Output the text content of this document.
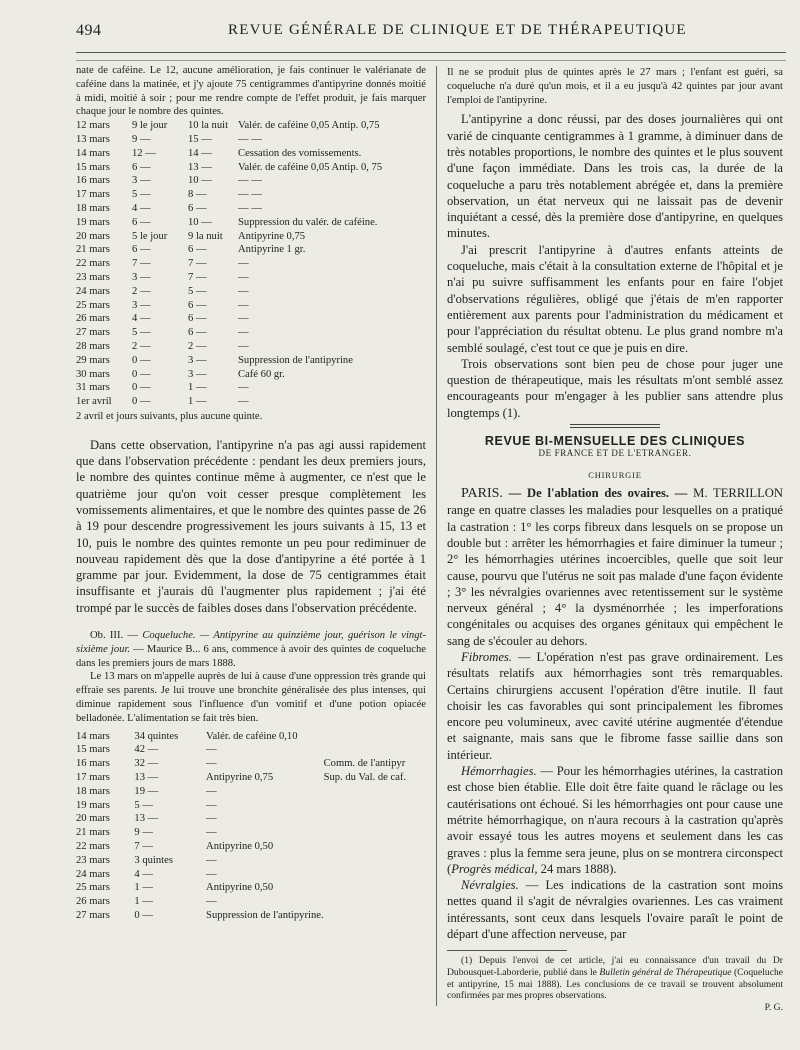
494	REVUE GÉNÉRALE DE CLINIQUE ET DE THÉRAPEUTIQUE

nate de caféine. Le 12, aucune amélioration, je fais continuer le valérianate de caféine dans la matinée, et j'y ajoute 75 centigrammes d'antipyrine donnés moitié à midi, moitié à soir ; pour me rendre compte de l'effet produit, je fais marquer chaque jour le nombre des quintes.

12 mars	9 le jour	10 la nuit	Valér. de caféine 0,05 Antip. 0,75
13 mars	9 —	15 —	— —
14 mars	12 —	14 —	Cessation des vomissements.
15 mars	6 —	13 —	Valér. de caféine 0,05 Antip. 0, 75
16 mars	3 —	10 —	— —
17 mars	5 —	8 —	— —
18 mars	4 —	6 —	— —
19 mars	6 —	10 —	Suppression du valér. de caféine.
20 mars	5 le jour	9 la nuit	Antipyrine 0,75
21 mars	6 —	6 —	Antipyrine 1 gr.
22 mars	7 —	7 —	—
23 mars	3 —	7 —	—
24 mars	2 —	5 —	—
25 mars	3 —	6 —	—
26 mars	4 —	6 —	—
27 mars	5 —	6 —	—
28 mars	2 —	2 —	—
29 mars	0 —	3 —	Suppression de l'antipyrine
30 mars	0 —	3 —	Café 60 gr.
31 mars	0 —	1 —	—
1er avril	0 —	1 —	—

2 avril et jours suivants, plus aucune quinte.

Dans cette observation, l'antipyrine n'a pas agi aussi rapidement que dans l'observation précédente : pendant les deux premiers jours, le nombre des quintes continue même à augmenter, ce n'est que le quatrième jour qu'on voit cesser presque complètement les vomissements alimentaires, et que le nombre des quintes passe de 26 à 19 pour descendre progressivement les jours suivants à 15, 13 et 10, puis le nombre des quintes remonte un peu pour rediminuer de nouveau rapidement dès que la dose d'antipyrine a été portée à 1 gramme par jour. Evidemment, la dose de 75 centigrammes était insuffisante et j'aurais dû l'augmenter plus rapidement ; j'ai été trompé par le succès de faibles doses dans l'observation précédente.

Ob. III. — Coqueluche. — Antipyrine au quinzième jour, guérison le vingt-sixième jour. — Maurice B... 6 ans, commence à avoir des quintes de coqueluche dans les premiers jours de mars 1888.

Le 13 mars on m'appelle auprès de lui à cause d'une oppression très grande qui effraie ses parents. Je lui trouve une bronchite généralisée des plus intenses, qui diminue rapidement sous l'influence d'un vomitif et d'une potion opiacée belladonée. L'alimentation se fait très bien.

14 mars	34 quintes	Valér. de caféine 0,10	
15 mars	42 —	—	
16 mars	32 —	—	Comm. de l'antipyr
17 mars	13 —	Antipyrine 0,75	Sup. du Val. de caf.
18 mars	19 —	—	
19 mars	5 —	—	
20 mars	13 —	—	
21 mars	9 —	—	
22 mars	7 —	Antipyrine 0,50	
23 mars	3 quintes	—	
24 mars	4 —	—	
25 mars	1 —	Antipyrine 0,50	
26 mars	1 —	—	
27 mars	0 —	Suppression de l'antipyrine.	

Il ne se produit plus de quintes après le 27 mars ; l'enfant est guéri, sa coqueluche n'a duré qu'un mois, et il a eu jusqu'à 42 quintes par jour avant l'emploi de l'antipyrine.

L'antipyrine a donc réussi, par des doses journalières qui ont varié de cinquante centigrammes à 1 gramme, à diminuer dans de très notables proportions, le nombre des quintes et le plus souvent d'une façon immédiate. Dans les trois cas, la durée de la coqueluche a paru très notablement abrégée et, dans la première observation, un état nerveux qui ne laissait pas de devenir inquiétant a cessé, dès la première dose d'antipyrine, en quelques minutes.

J'ai prescrit l'antipyrine à d'autres enfants atteints de coqueluche, mais c'était à la consultation externe de l'hôpital et je n'ai pu suivre suffisamment les enfants pour en faire l'objet d'observations régulières, obligé que j'étais de m'en rapporter entièrement aux parents pour l'administration du médicament et pour l'appréciation du résultat obtenu. Le plus grand nombre m'a semblé soulagé, c'est tout ce que je puis en dire.

Trois observations sont bien peu de chose pour juger une question de thérapeutique, mais les résultats m'ont semblé assez encourageants pour m'engager à les publier sans attendre plus longtemps (1).

REVUE BI-MENSUELLE DES CLINIQUES
DE FRANCE ET DE L'ETRANGER.
CHIRURGIE

PARIS. — De l'ablation des ovaires. — M. TERRILLON range en quatre classes les maladies pour lesquelles on a pratiqué la castration : 1° les corps fibreux dans lesquels on se propose un double but : arrêter les hémorrhagies et faire diminuer la tumeur ; 2° les hémorrhagies utérines incoercibles, quelle que soit leur cause, pourvu que l'utérus ne soit pas malade d'une façon évidente ; 3° les névralgies ovariennes avec retentissement sur le système nerveux général ; 4° la dysménorrhée ; les imperforations congénitales ou acquises des organes génitaux qui empêchent le sang de s'écouler au dehors.

Fibromes. — L'opération n'est pas grave ordinairement. Les résultats relatifs aux hémorrhagies sont très remarquables. Certains chirurgiens accusent l'opération d'être inutile. Il faut choisir les cas favorables qui sont principalement les fibromes encore peu volumineux, avec cavité utérine augmentée d'étendue et saignante, mais sans que le fibrome fasse saillie dans son intérieur.

Hémorrhagies. — Pour les hémorrhagies utérines, la castration est chose bien établie. Elle doit être faite quand le râclage ou les cautérisations ont échoué. Si les hémorrhagies ont pour cause une métrite hémorrhagique, on n'aura recours à la castration qu'après avoir essayé tous les autres moyens et seulement dans les cas graves : plus la femme sera jeune, plus on se montrera circonspect (Progrès médical, 24 mars 1888).

Névralgies. — Les indications de la castration sont moins nettes quand il s'agit de névralgies ovariennes. Les cas vraiment intéressants, sont ceux dans lesquels l'ovaire paraît le point de départ d'une affection nerveuse, par

(1) Depuis l'envoi de cet article, j'ai eu connaissance d'un travail du Dr Dubousquet-Laborderie, publié dans le Bulletin général de Thérapeutique (Coqueluche et antipyrine, 15 mai 1888). Les conclusions de ce travail se trouvent absolument confirmées par mes propres observations.

P. G.
